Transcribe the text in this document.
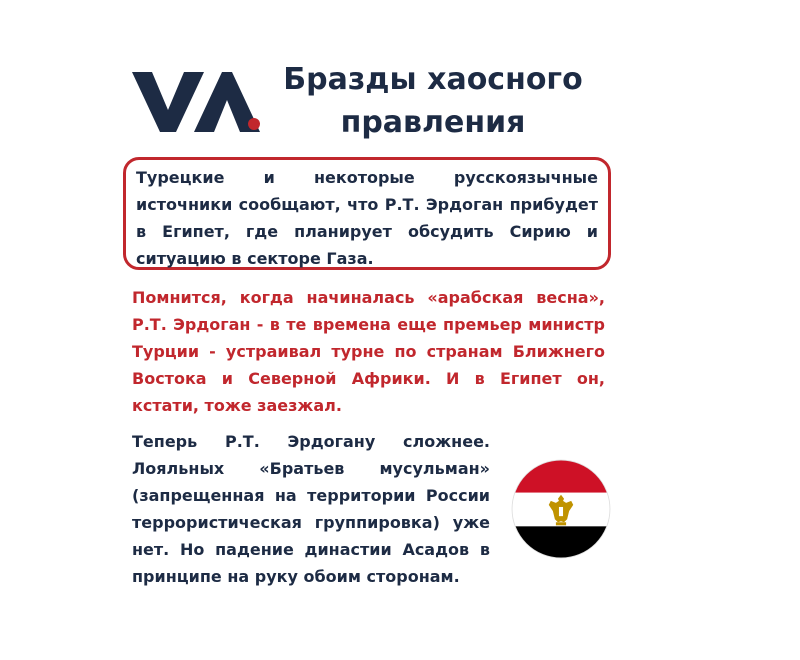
Бразды хаосного
правления
Турецкие и некоторые русскоязычные источники сообщают, что Р.Т. Эрдоган прибудет в Египет, где планирует обсудить Сирию и ситуацию в секторе Газа.
Помнится, когда начиналась «арабская весна», Р.Т. Эрдоган - в те времена еще премьер министр Турции - устраивал турне по странам Ближнего Востока и Северной Африки. И в Египет он, кстати, тоже заезжал.
Теперь Р.Т. Эрдогану сложнее. Лояльных «Братьев мусульман» (запрещенная на территории России террористическая группировка) уже нет. Но падение династии Асадов в принципе на руку обоим сторонам.
